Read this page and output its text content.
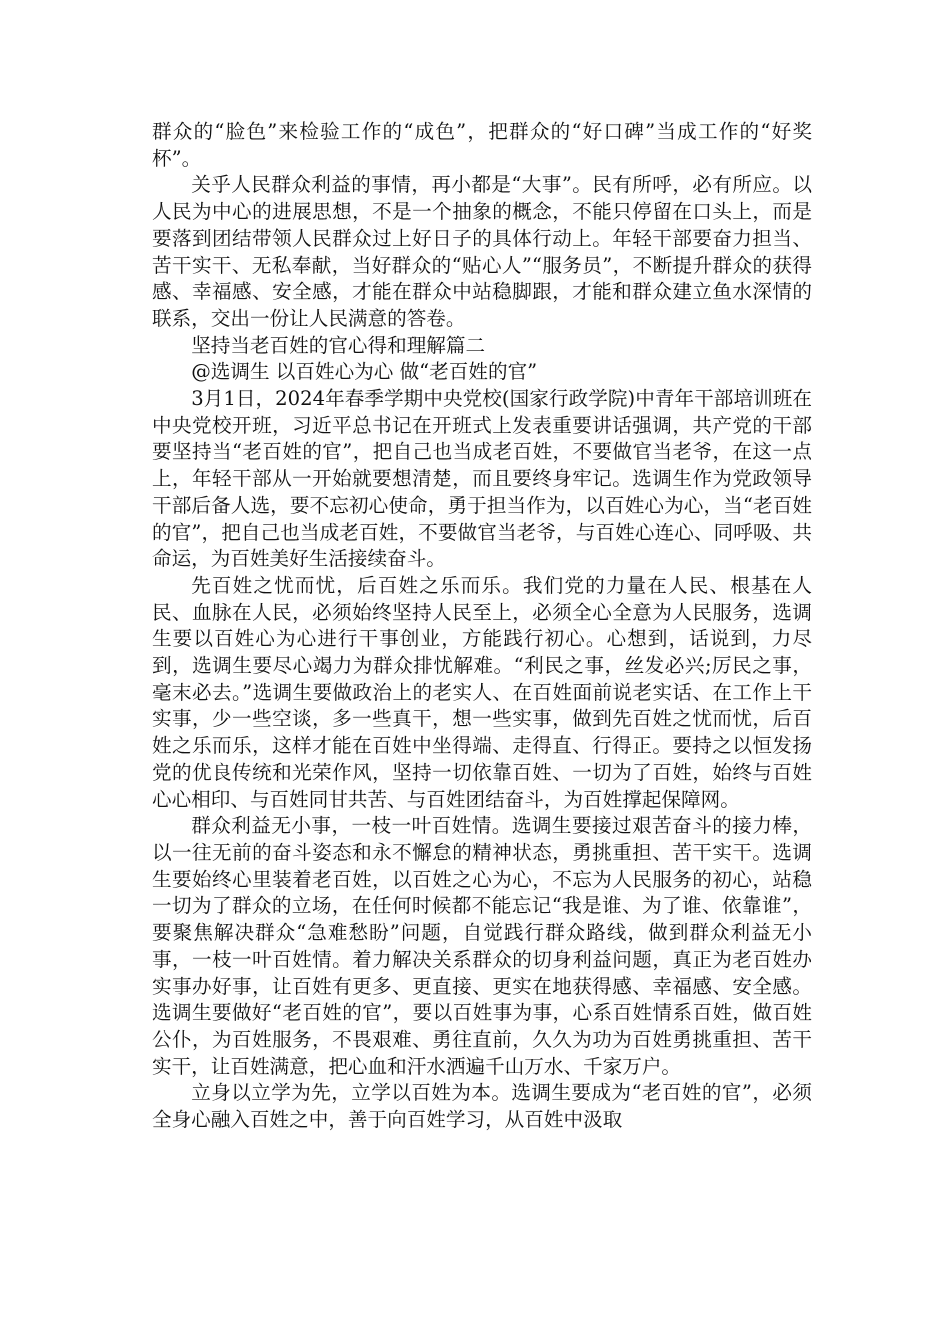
群众的“脸色”来检验工作的“成色”，把群众的“好口碑”当成工作的“好奖杯”。

关乎人民群众利益的事情，再小都是“大事”。民有所呼，必有所应。以人民为中心的进展思想，不是一个抽象的概念，不能只停留在口头上，而是要落到团结带领人民群众过上好日子的具体行动上。年轻干部要奋力担当、苦干实干、无私奉献，当好群众的“贴心人”“服务员”，不断提升群众的获得感、幸福感、安全感，才能在群众中站稳脚跟，才能和群众建立鱼水深情的联系，交出一份让人民满意的答卷。

坚持当老百姓的官心得和理解篇二

@选调生 以百姓心为心 做“老百姓的官”

3月1日，2024年春季学期中央党校(国家行政学院)中青年干部培训班在中央党校开班，习近平总书记在开班式上发表重要讲话强调，共产党的干部要坚持当“老百姓的官”，把自己也当成老百姓，不要做官当老爷，在这一点上，年轻干部从一开始就要想清楚，而且要终身牢记。选调生作为党政领导干部后备人选，要不忘初心使命，勇于担当作为，以百姓心为心，当“老百姓的官”，把自己也当成老百姓，不要做官当老爷，与百姓心连心、同呼吸、共命运，为百姓美好生活接续奋斗。

先百姓之忧而忧，后百姓之乐而乐。我们党的力量在人民、根基在人民、血脉在人民，必须始终坚持人民至上，必须全心全意为人民服务，选调生要以百姓心为心进行干事创业，方能践行初心。心想到，话说到，力尽到，选调生要尽心竭力为群众排忧解难。“利民之事，丝发必兴;厉民之事，毫末必去。”选调生要做政治上的老实人、在百姓面前说老实话、在工作上干实事，少一些空谈，多一些真干，想一些实事，做到先百姓之忧而忧，后百姓之乐而乐，这样才能在百姓中坐得端、走得直、行得正。要持之以恒发扬党的优良传统和光荣作风，坚持一切依靠百姓、一切为了百姓，始终与百姓心心相印、与百姓同甘共苦、与百姓团结奋斗，为百姓撑起保障网。

群众利益无小事，一枝一叶百姓情。选调生要接过艰苦奋斗的接力棒，以一往无前的奋斗姿态和永不懈怠的精神状态，勇挑重担、苦干实干。选调生要始终心里装着老百姓，以百姓之心为心，不忘为人民服务的初心，站稳一切为了群众的立场，在任何时候都不能忘记“我是谁、为了谁、依靠谁”，要聚焦解决群众“急难愁盼”问题，自觉践行群众路线，做到群众利益无小事，一枝一叶百姓情。着力解决关系群众的切身利益问题，真正为老百姓办实事办好事，让百姓有更多、更直接、更实在地获得感、幸福感、安全感。选调生要做好“老百姓的官”，要以百姓事为事，心系百姓情系百姓，做百姓公仆，为百姓服务，不畏艰难、勇往直前，久久为功为百姓勇挑重担、苦干实干，让百姓满意，把心血和汗水洒遍千山万水、千家万户。

立身以立学为先，立学以百姓为本。选调生要成为“老百姓的官”，必须全身心融入百姓之中，善于向百姓学习，从百姓中汲取
